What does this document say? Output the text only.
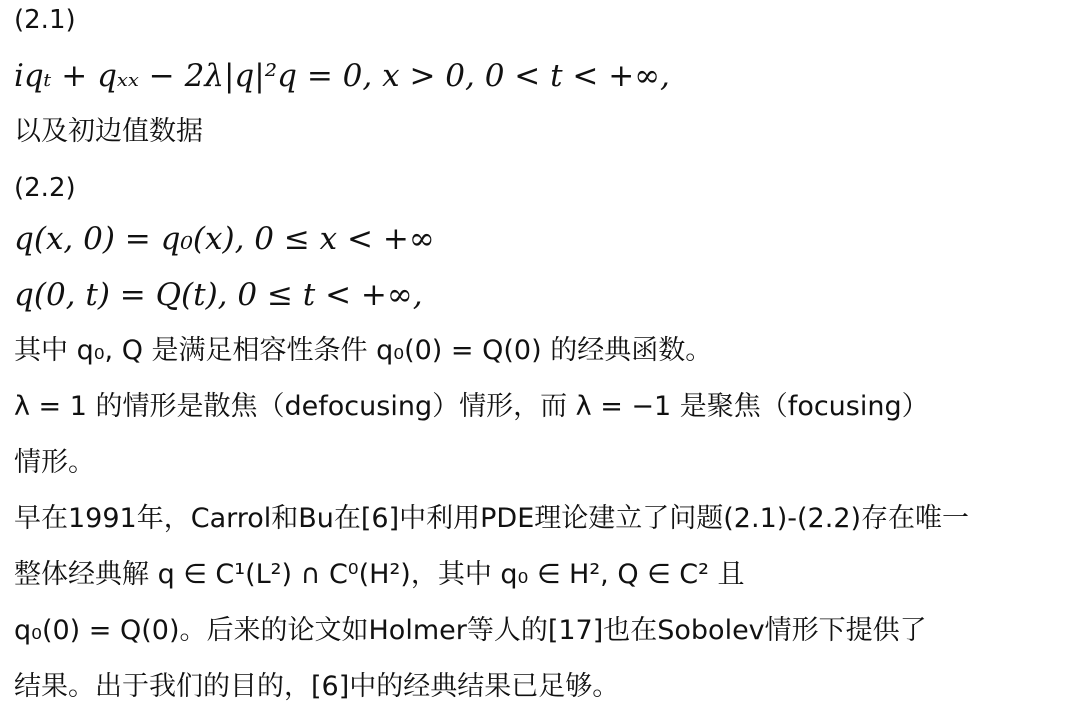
(2.1)
iqₜ + qₓₓ − 2λ|q|²q = 0, x > 0, 0 < t < +∞,
以及初边值数据
(2.2)
q(x, 0) = q₀(x), 0 ≤ x < +∞
q(0, t) = Q(t), 0 ≤ t < +∞,
其中 q₀, Q 是满足相容性条件 q₀(0) = Q(0) 的经典函数。
λ = 1 的情形是散焦（defocusing）情形，而 λ = −1 是聚焦（focusing）
情形。
早在1991年，Carrol和Bu在[6]中利用PDE理论建立了问题(2.1)-(2.2)存在唯一
整体经典解 q ∈ C¹(L²) ∩ C⁰(H²)，其中 q₀ ∈ H², Q ∈ C² 且
q₀(0) = Q(0)。后来的论文如Holmer等人的[17]也在Sobolev情形下提供了
结果。出于我们的目的，[6]中的经典结果已足够。
